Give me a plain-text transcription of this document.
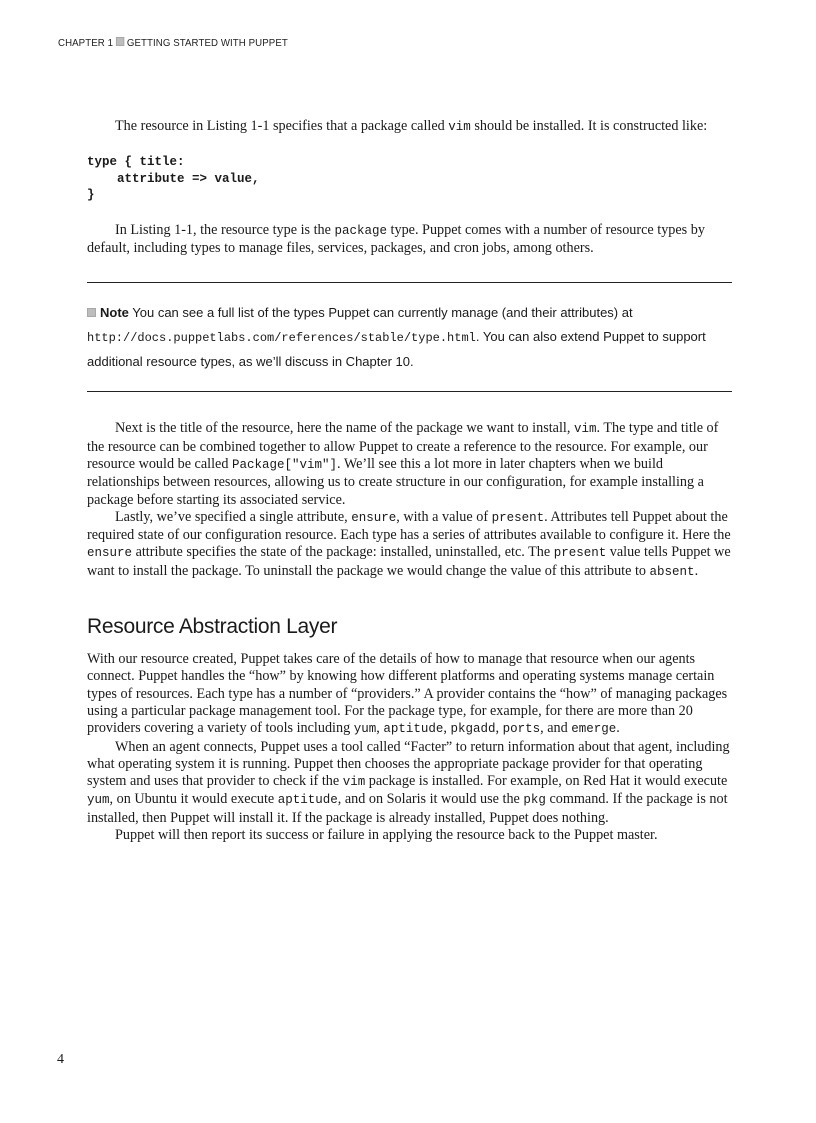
CHAPTER 1 GETTING STARTED WITH PUPPET

The resource in Listing 1-1 specifies that a package called vim should be installed. It is constructed like:

type { title:
attribute => value,
}

In Listing 1-1, the resource type is the package type. Puppet comes with a number of resource types by default, including types to manage files, services, packages, and cron jobs, among others.

Note You can see a full list of the types Puppet can currently manage (and their attributes) at http://docs.puppetlabs.com/references/stable/type.html. You can also extend Puppet to support additional resource types, as we’ll discuss in Chapter 10.

Next is the title of the resource, here the name of the package we want to install, vim. The type and title of the resource can be combined together to allow Puppet to create a reference to the resource. For example, our resource would be called Package["vim"]. We’ll see this a lot more in later chapters when we build relationships between resources, allowing us to create structure in our configuration, for example installing a package before starting its associated service.

Lastly, we’ve specified a single attribute, ensure, with a value of present. Attributes tell Puppet about the required state of our configuration resource. Each type has a series of attributes available to configure it. Here the ensure attribute specifies the state of the package: installed, uninstalled, etc. The present value tells Puppet we want to install the package. To uninstall the package we would change the value of this attribute to absent.

Resource Abstraction Layer

With our resource created, Puppet takes care of the details of how to manage that resource when our agents connect. Puppet handles the “how” by knowing how different platforms and operating systems manage certain types of resources. Each type has a number of “providers.” A provider contains the “how” of managing packages using a particular package management tool. For the package type, for example, for there are more than 20 providers covering a variety of tools including yum, aptitude, pkgadd, ports, and emerge.

When an agent connects, Puppet uses a tool called “Facter” to return information about that agent, including what operating system it is running. Puppet then chooses the appropriate package provider for that operating system and uses that provider to check if the vim package is installed. For example, on Red Hat it would execute yum, on Ubuntu it would execute aptitude, and on Solaris it would use the pkg command. If the package is not installed, then Puppet will install it. If the package is already installed, Puppet does nothing.

Puppet will then report its success or failure in applying the resource back to the Puppet master.

4
